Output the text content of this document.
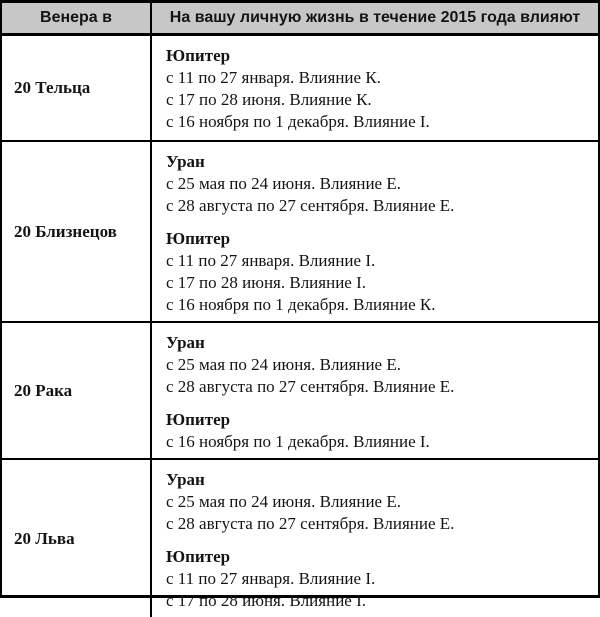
Венера в	На вашу личную жизнь в течение 2015 года влияют
20 Тельца
Юпитер
с 11 по 27 января. Влияние К.
с 17 по 28 июня. Влияние К.
с 16 ноября по 1 декабря. Влияние I.
20 Близнецов
Уран
с 25 мая по 24 июня. Влияние Е.
с 28 августа по 27 сентября. Влияние Е.
Юпитер
с 11 по 27 января. Влияние I.
с 17 по 28 июня. Влияние I.
с 16 ноября по 1 декабря. Влияние К.
20 Рака
Уран
с 25 мая по 24 июня. Влияние Е.
с 28 августа по 27 сентября. Влияние Е.
Юпитер
с 16 ноября по 1 декабря. Влияние I.
20 Льва
Уран
с 25 мая по 24 июня. Влияние Е.
с 28 августа по 27 сентября. Влияние Е.
Юпитер
с 11 по 27 января. Влияние I.
с 17 по 28 июня. Влияние I.
